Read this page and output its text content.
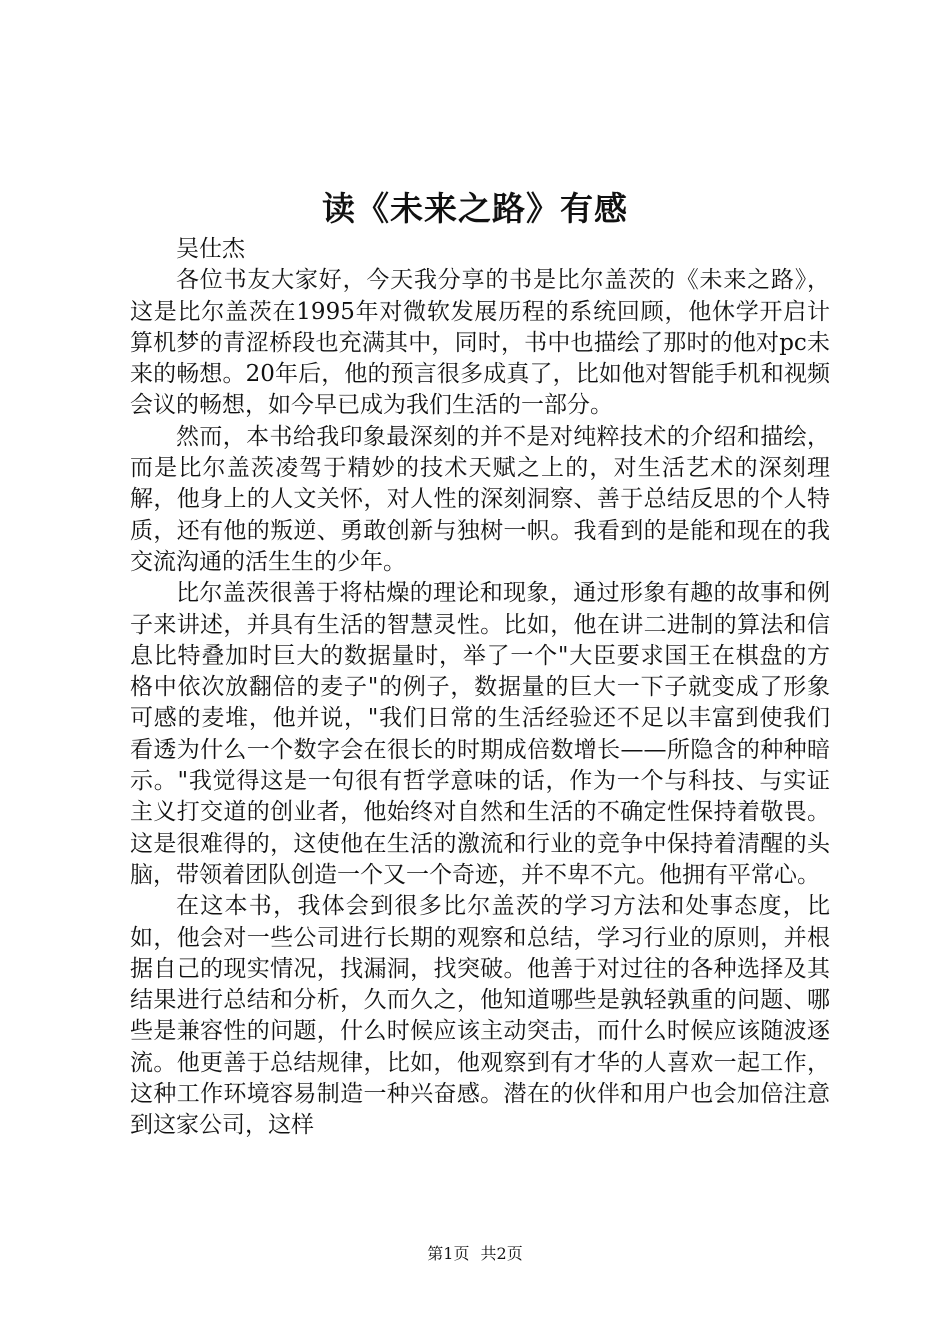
读《未来之路》有感
吴仕杰

各位书友大家好，今天我分享的书是比尔盖茨的《未来之路》，这是比尔盖茨在1995年对微软发展历程的系统回顾，他休学开启计算机梦的青涩桥段也充满其中，同时，书中也描绘了那时的他对pc未来的畅想。20年后，他的预言很多成真了，比如他对智能手机和视频会议的畅想，如今早已成为我们生活的一部分。

然而，本书给我印象最深刻的并不是对纯粹技术的介绍和描绘，而是比尔盖茨凌驾于精妙的技术天赋之上的，对生活艺术的深刻理解，他身上的人文关怀，对人性的深刻洞察、善于总结反思的个人特质，还有他的叛逆、勇敢创新与独树一帜。我看到的是能和现在的我交流沟通的活生生的少年。

比尔盖茨很善于将枯燥的理论和现象，通过形象有趣的故事和例子来讲述，并具有生活的智慧灵性。比如，他在讲二进制的算法和信息比特叠加时巨大的数据量时，举了一个"大臣要求国王在棋盘的方格中依次放翻倍的麦子"的例子，数据量的巨大一下子就变成了形象可感的麦堆，他并说，"我们日常的生活经验还不足以丰富到使我们看透为什么一个数字会在很长的时期成倍数增长——所隐含的种种暗示。"我觉得这是一句很有哲学意味的话，作为一个与科技、与实证主义打交道的创业者，他始终对自然和生活的不确定性保持着敬畏。这是很难得的，这使他在生活的激流和行业的竞争中保持着清醒的头脑，带领着团队创造一个又一个奇迹，并不卑不亢。他拥有平常心。

在这本书，我体会到很多比尔盖茨的学习方法和处事态度，比如，他会对一些公司进行长期的观察和总结，学习行业的原则，并根据自己的现实情况，找漏洞，找突破。他善于对过往的各种选择及其结果进行总结和分析，久而久之，他知道哪些是孰轻孰重的问题、哪些是兼容性的问题，什么时候应该主动突击，而什么时候应该随波逐流。他更善于总结规律，比如，他观察到有才华的人喜欢一起工作，这种工作环境容易制造一种兴奋感。潜在的伙伴和用户也会加倍注意到这家公司，这样

第1页 共2页
